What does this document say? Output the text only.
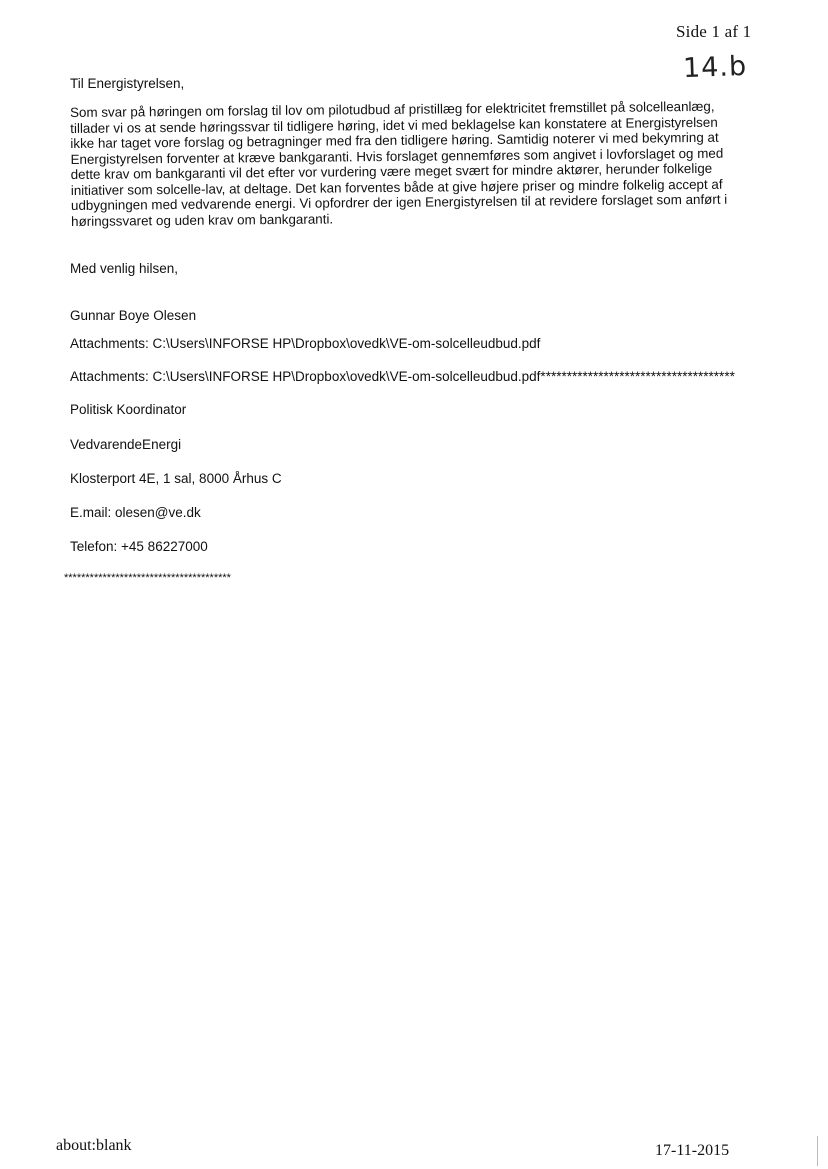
Side 1 af 1
14.b
Til Energistyrelsen,
Som svar på høringen om forslag til lov om pilotudbud af pristillæg for elektricitet fremstillet på solcelleanlæg, tillader vi os at sende høringssvar til tidligere høring, idet vi med beklagelse kan konstatere at Energistyrelsen ikke har taget vore forslag og betragninger med fra den tidligere høring. Samtidig noterer vi med bekymring at Energistyrelsen forventer at kræve bankgaranti. Hvis forslaget gennemføres som angivet i lovforslaget og med dette krav om bankgaranti vil det efter vor vurdering være meget svært for mindre aktører, herunder folkelige initiativer som solcelle-lav, at deltage. Det kan forventes både at give højere priser og mindre folkelig accept af udbygningen med vedvarende energi. Vi opfordrer der igen Energistyrelsen til at revidere forslaget som anført i høringssvaret og uden krav om bankgaranti.
Med venlig hilsen,
Gunnar Boye Olesen
Attachments: C:\Users\INFORSE HP\Dropbox\ovedk\VE-om-solcelleudbud.pdf
Attachments: C:\Users\INFORSE HP\Dropbox\ovedk\VE-om-solcelleudbud.pdf*************************************
Politisk Koordinator
VedvarendeEnergi
Klosterport 4E, 1 sal, 8000 Århus C
E.mail: olesen@ve.dk
Telefon: +45 86227000
***************************************
about:blank	17-11-2015
